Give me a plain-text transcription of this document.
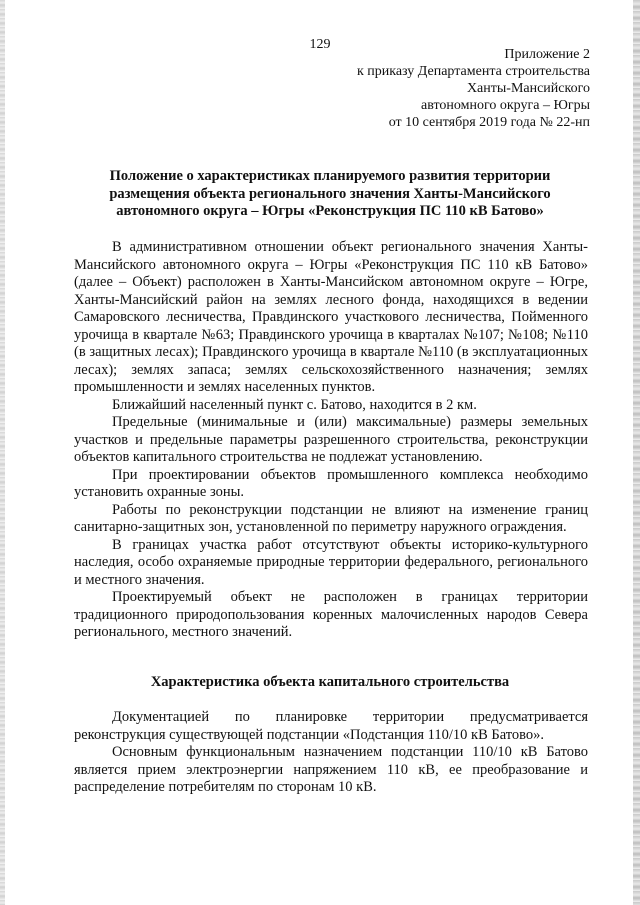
129
Приложение 2
к приказу Департамента строительства
Ханты-Мансийского
автономного округа – Югры
от 10 сентября 2019 года № 22-нп
Положение о характеристиках планируемого развития территории
размещения объекта регионального значения Ханты-Мансийского
автономного округа – Югры «Реконструкция ПС 110 кВ Батово»

В административном отношении объект регионального значения Ханты-Мансийского автономного округа – Югры «Реконструкция ПС 110 кВ Батово» (далее – Объект) расположен в Ханты-Мансийском автономном округе – Югре, Ханты-Мансийский район на землях лесного фонда, находящихся в ведении Самаровского лесничества, Правдинского участкового лесничества, Пойменного урочища в квартале №63; Правдинского урочища в кварталах №107; №108; №110 (в защитных лесах); Правдинского урочища в квартале №110 (в эксплуатационных лесах); землях запаса; землях сельскохозяйственного назначения; землях промышленности и землях населенных пунктов.

Ближайший населенный пункт с. Батово, находится в 2 км.

Предельные (минимальные и (или) максимальные) размеры земельных участков и предельные параметры разрешенного строительства, реконструкции объектов капитального строительства не подлежат установлению.

При проектировании объектов промышленного комплекса необходимо установить охранные зоны.

Работы по реконструкции подстанции не влияют на изменение границ санитарно-защитных зон, установленной по периметру наружного ограждения.

В границах участка работ отсутствуют объекты историко-культурного наследия, особо охраняемые природные территории федерального, регионального и местного значения.

Проектируемый объект не расположен в границах территории традиционного природопользования коренных малочисленных народов Севера регионального, местного значений.

Характеристика объекта капитального строительства

Документацией по планировке территории предусматривается реконструкция существующей подстанции «Подстанция 110/10 кВ Батово».

Основным функциональным назначением подстанции 110/10 кВ Батово является прием электроэнергии напряжением 110 кВ, ее преобразование и распределение потребителям по сторонам 10 кВ.
